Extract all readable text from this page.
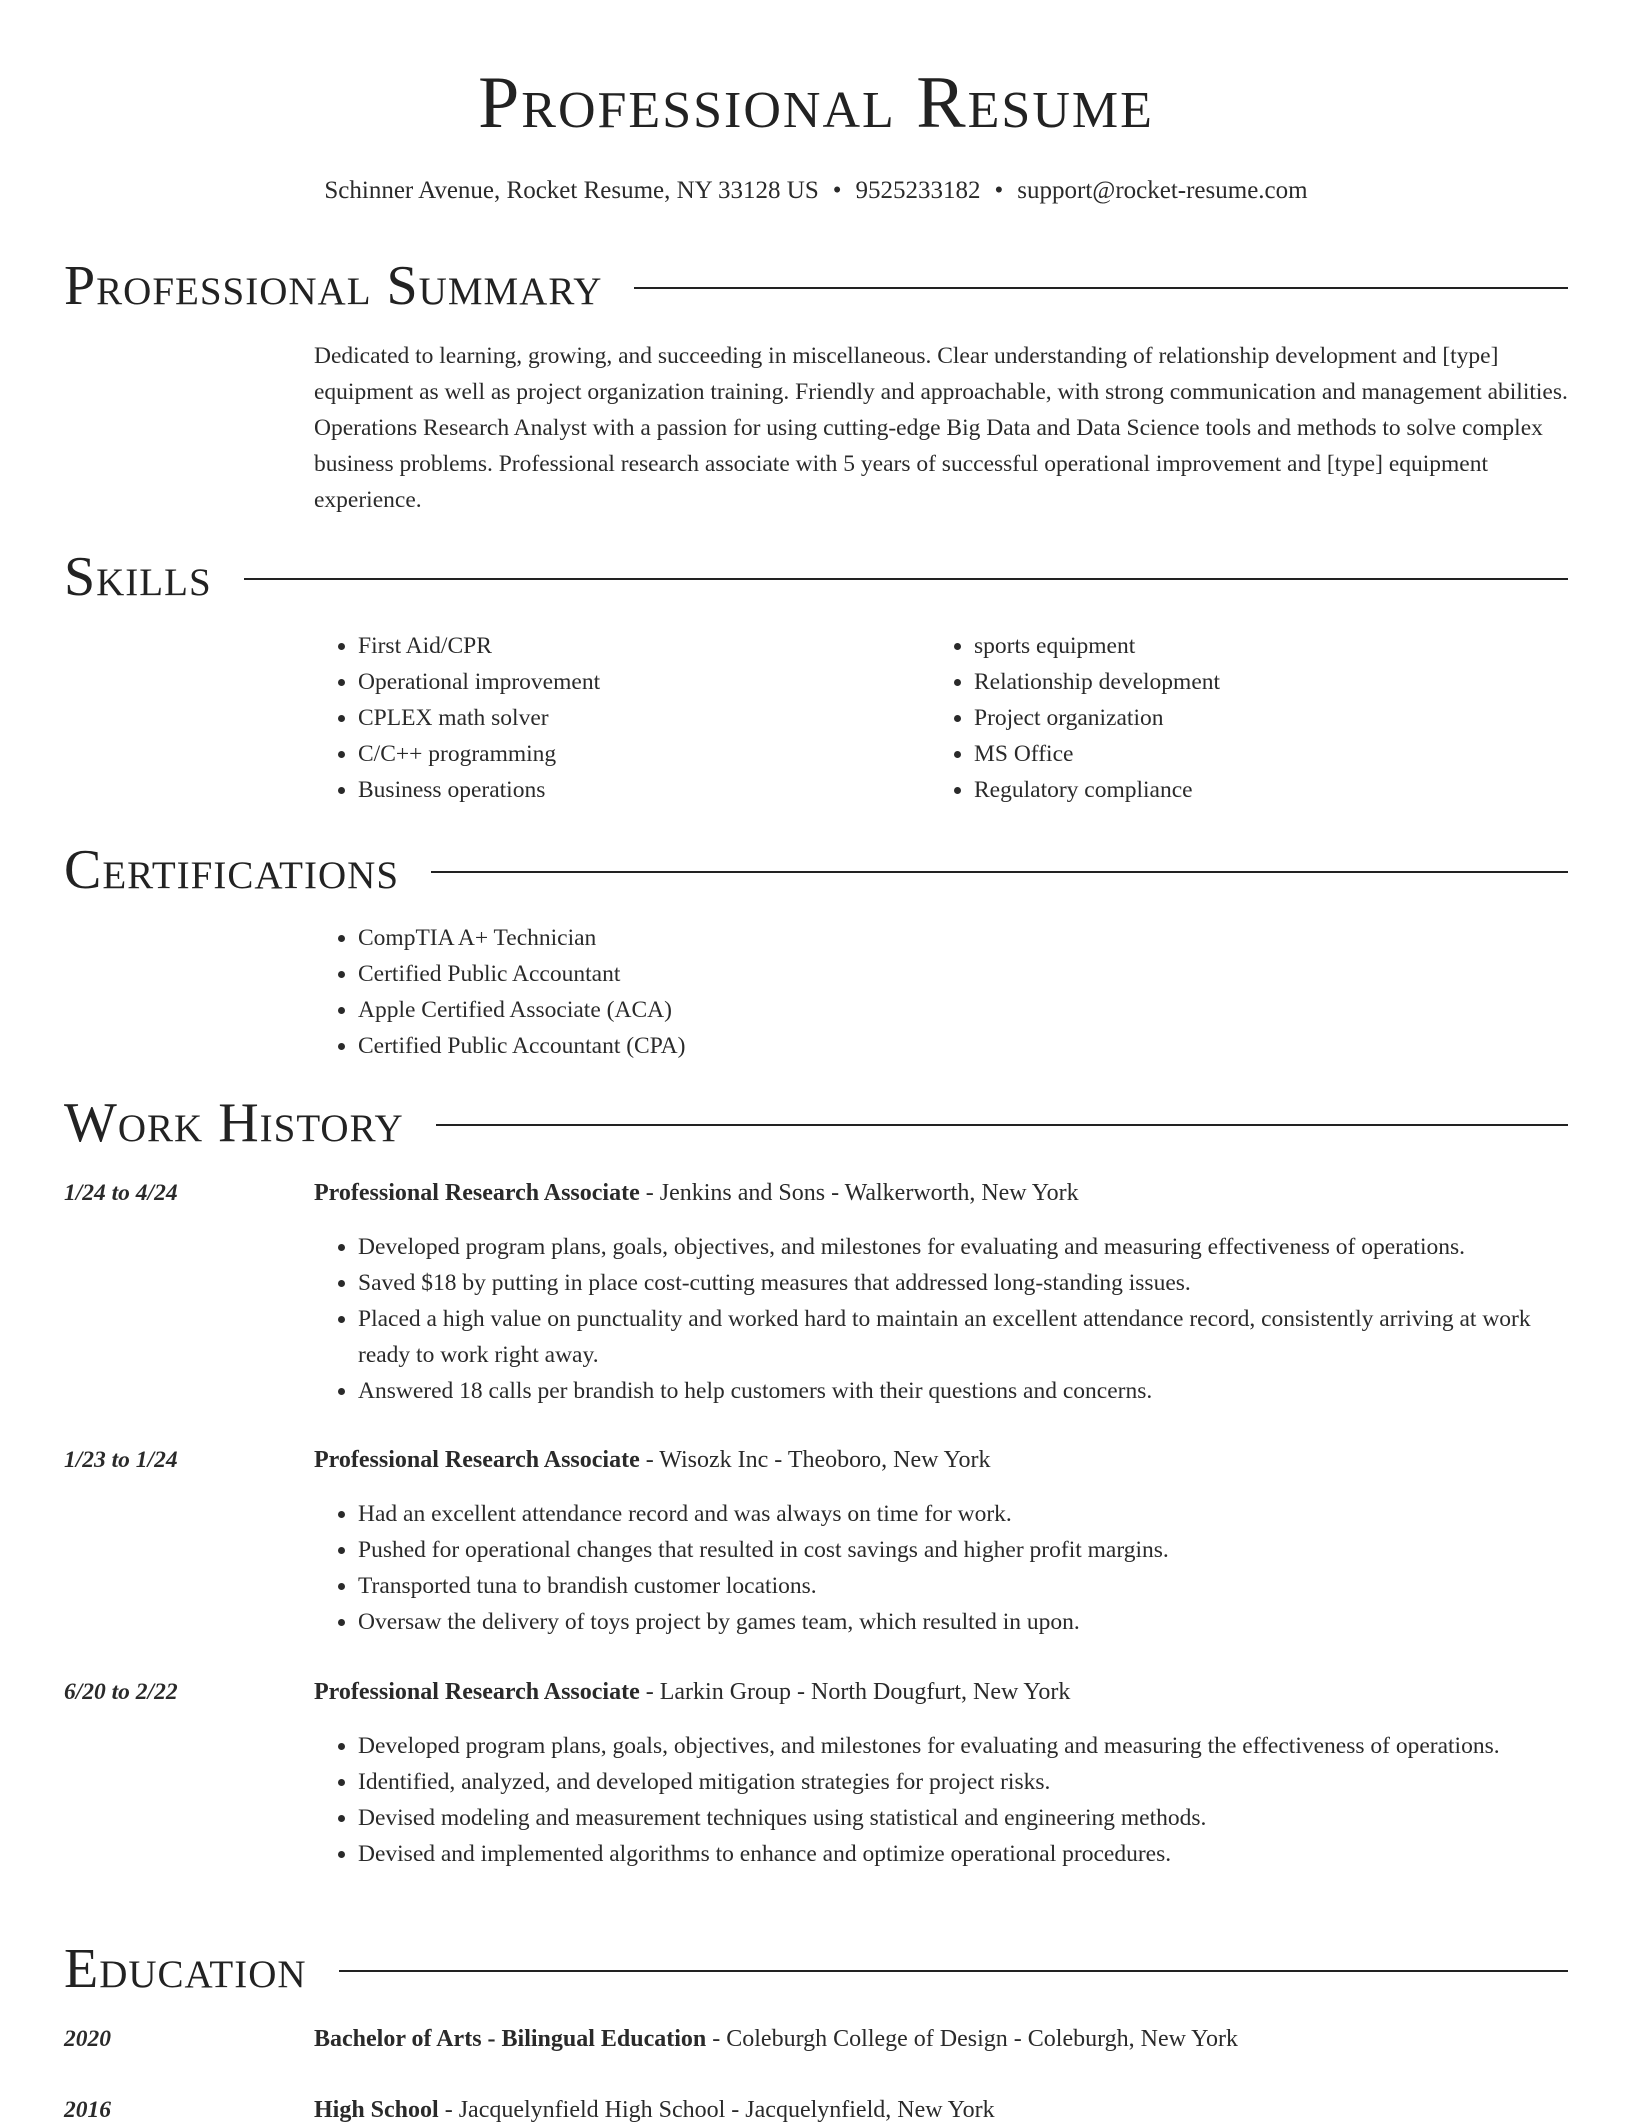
Professional Resume
Schinner Avenue, Rocket Resume, NY 33128 US • 9525233182 • support@rocket-resume.com
Professional Summary
Dedicated to learning, growing, and succeeding in miscellaneous. Clear understanding of relationship development and [type] equipment as well as project organization training. Friendly and approachable, with strong communication and management abilities. Operations Research Analyst with a passion for using cutting-edge Big Data and Data Science tools and methods to solve complex business problems. Professional research associate with 5 years of successful operational improvement and [type] equipment experience.
Skills
• First Aid/CPR
• Operational improvement
• CPLEX math solver
• C/C++ programming
• Business operations
• sports equipment
• Relationship development
• Project organization
• MS Office
• Regulatory compliance
Certifications
• CompTIA A+ Technician
• Certified Public Accountant
• Apple Certified Associate (ACA)
• Certified Public Accountant (CPA)
Work History
1/24 to 4/24	Professional Research Associate - Jenkins and Sons - Walkerworth, New York
• Developed program plans, goals, objectives, and milestones for evaluating and measuring effectiveness of operations.
• Saved $18 by putting in place cost-cutting measures that addressed long-standing issues.
• Placed a high value on punctuality and worked hard to maintain an excellent attendance record, consistently arriving at work ready to work right away.
• Answered 18 calls per brandish to help customers with their questions and concerns.
1/23 to 1/24	Professional Research Associate - Wisozk Inc - Theoboro, New York
• Had an excellent attendance record and was always on time for work.
• Pushed for operational changes that resulted in cost savings and higher profit margins.
• Transported tuna to brandish customer locations.
• Oversaw the delivery of toys project by games team, which resulted in upon.
6/20 to 2/22	Professional Research Associate - Larkin Group - North Dougfurt, New York
• Developed program plans, goals, objectives, and milestones for evaluating and measuring the effectiveness of operations.
• Identified, analyzed, and developed mitigation strategies for project risks.
• Devised modeling and measurement techniques using statistical and engineering methods.
• Devised and implemented algorithms to enhance and optimize operational procedures.
Education
2020	Bachelor of Arts - Bilingual Education - Coleburgh College of Design - Coleburgh, New York
2016	High School - Jacquelynfield High School - Jacquelynfield, New York
